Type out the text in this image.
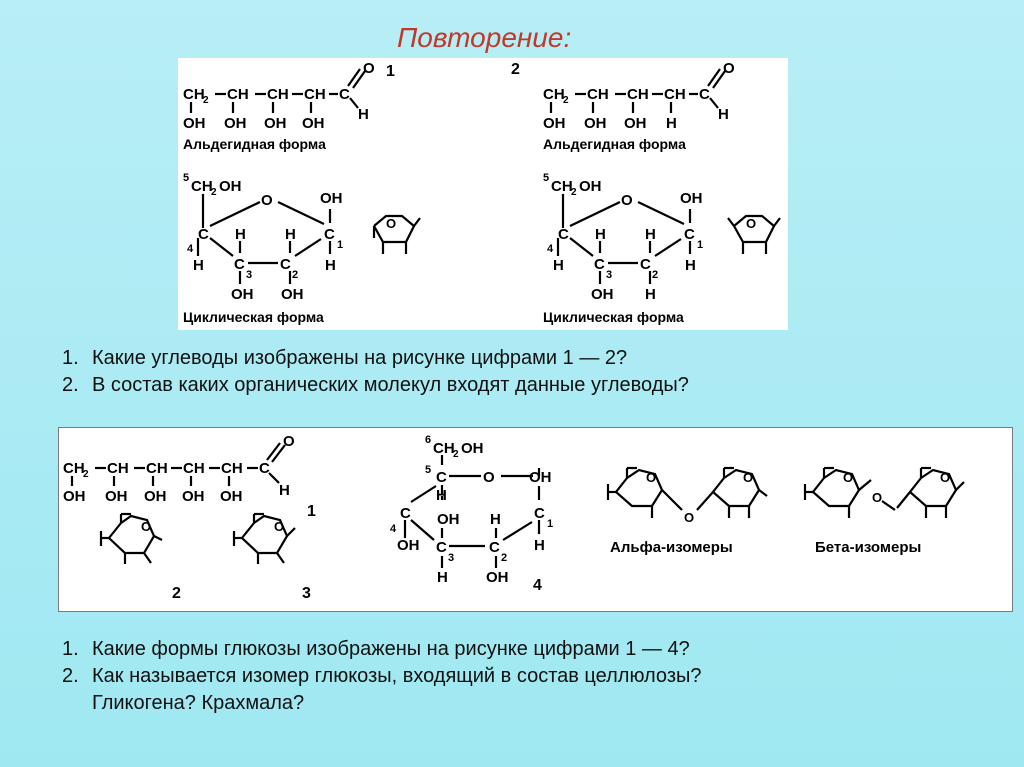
Повторение:
CH
2 CH CH CH C
O
H
OH OH OH OH
1
Альдегидная форма
CH
2 CH CH CH C
O
H
OH OH OH H
2
Альдегидная форма
5 CH
2 OH
O	OH
C
4
C
1
H	H
H	H
C
3
C
2
OH OH
O
Циклическая форма
5 CH
2 OH
O	OH
C
4
C
1
H	H
H	H
C
3
C
2
OH H
O
Циклическая форма
1. Какие углеводы изображены на рисунке цифрами 1 — 2?
2. В состав каких органических молекул входят данные углеводы?
CH
2 CH CH CH CH C
O
H
OH OH OH OH OH
1
O	O
2	3
6 CH
2 OH
5 C
H
O OH
C
1
H
C
4
OH
OH H
C
3
C
2
H	OH 4
O
O
O	O
O
O
Альфа-изомеры	Бета-изомеры
1. Какие формы глюкозы изображены на рисунке цифрами 1 — 4?
2. Как называется изомер глюкозы, входящий в состав целлюлозы?
Гликогена? Крахмала?
